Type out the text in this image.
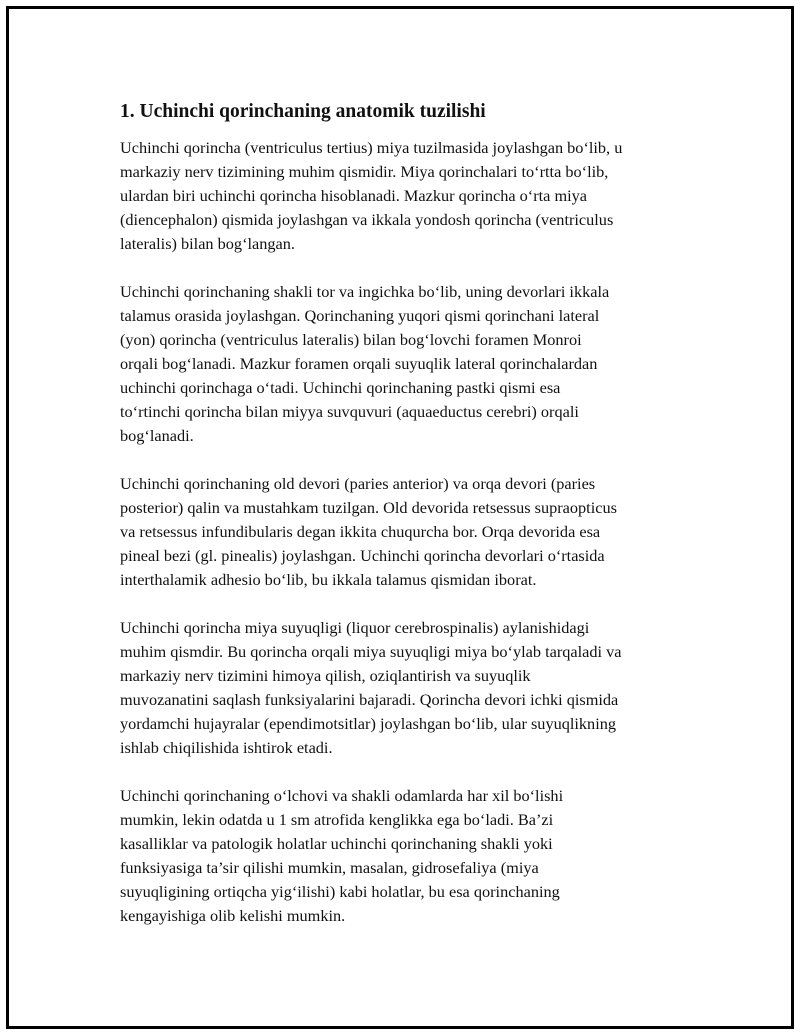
1. Uchinchi qorinchaning anatomik tuzilishi

Uchinchi qorincha (ventriculus tertius) miya tuzilmasida joylashgan bo‘lib, u
markaziy nerv tizimining muhim qismidir. Miya qorinchalari to‘rtta bo‘lib,
ulardan biri uchinchi qorincha hisoblanadi. Mazkur qorincha o‘rta miya
(diencephalon) qismida joylashgan va ikkala yondosh qorincha (ventriculus
lateralis) bilan bog‘langan.

Uchinchi qorinchaning shakli tor va ingichka bo‘lib, uning devorlari ikkala
talamus orasida joylashgan. Qorinchaning yuqori qismi qorinchani lateral
(yon) qorincha (ventriculus lateralis) bilan bog‘lovchi foramen Monroi
orqali bog‘lanadi. Mazkur foramen orqali suyuqlik lateral qorinchalardan
uchinchi qorinchaga o‘tadi. Uchinchi qorinchaning pastki qismi esa
to‘rtinchi qorincha bilan miyya suvquvuri (aquaeductus cerebri) orqali
bog‘lanadi.

Uchinchi qorinchaning old devori (paries anterior) va orqa devori (paries
posterior) qalin va mustahkam tuzilgan. Old devorida retsessus supraopticus
va retsessus infundibularis degan ikkita chuqurcha bor. Orqa devorida esa
pineal bezi (gl. pinealis) joylashgan. Uchinchi qorincha devorlari o‘rtasida
interthalamik adhesio bo‘lib, bu ikkala talamus qismidan iborat.

Uchinchi qorincha miya suyuqligi (liquor cerebrospinalis) aylanishidagi
muhim qismdir. Bu qorincha orqali miya suyuqligi miya bo‘ylab tarqaladi va
markaziy nerv tizimini himoya qilish, oziqlantirish va suyuqlik
muvozanatini saqlash funksiyalarini bajaradi. Qorincha devori ichki qismida
yordamchi hujayralar (ependimotsitlar) joylashgan bo‘lib, ular suyuqlikning
ishlab chiqilishida ishtirok etadi.

Uchinchi qorinchaning o‘lchovi va shakli odamlarda har xil bo‘lishi
mumkin, lekin odatda u 1 sm atrofida kenglikka ega bo‘ladi. Ba’zi
kasalliklar va patologik holatlar uchinchi qorinchaning shakli yoki
funksiyasiga ta’sir qilishi mumkin, masalan, gidrosefaliya (miya
suyuqligining ortiqcha yig‘ilishi) kabi holatlar, bu esa qorinchaning
kengayishiga olib kelishi mumkin.
